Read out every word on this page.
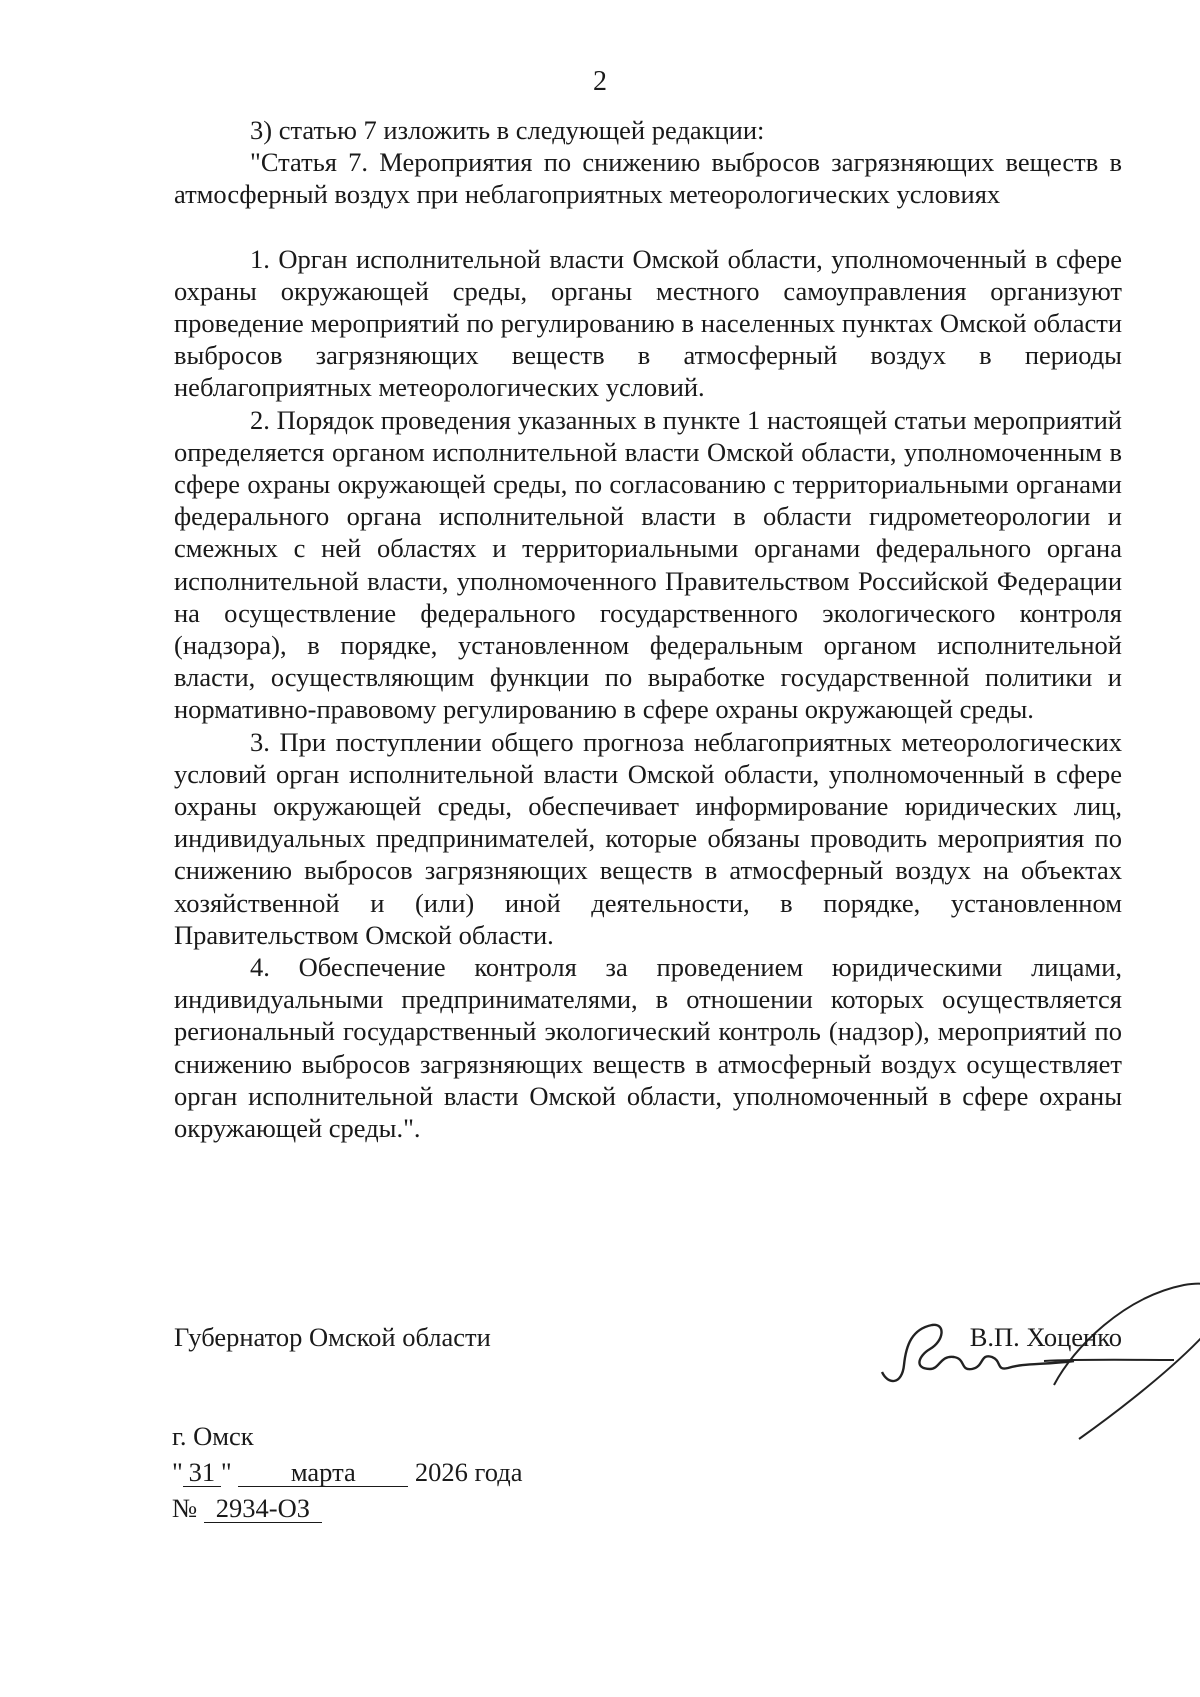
2

3) статью 7 изложить в следующей редакции:

"Статья 7. Мероприятия по снижению выбросов загрязняющих веществ в атмосферный воздух при неблагоприятных метеорологических условиях

1. Орган исполнительной власти Омской области, уполномоченный в сфере охраны окружающей среды, органы местного самоуправления организуют проведение мероприятий по регулированию в населенных пунктах Омской области выбросов загрязняющих веществ в атмосферный воздух в периоды неблагоприятных метеорологических условий.

2. Порядок проведения указанных в пункте 1 настоящей статьи мероприятий определяется органом исполнительной власти Омской области, уполномоченным в сфере охраны окружающей среды, по согласованию с территориальными органами федерального органа исполнительной власти в области гидрометеорологии и смежных с ней областях и территориальными органами федерального органа исполнительной власти, уполномоченного Правительством Российской Федерации на осуществление федерального государственного экологического контроля (надзора), в порядке, установленном федеральным органом исполнительной власти, осуществляющим функции по выработке государственной политики и нормативно-правовому регулированию в сфере охраны окружающей среды.

3. При поступлении общего прогноза неблагоприятных метеорологических условий орган исполнительной власти Омской области, уполномоченный в сфере охраны окружающей среды, обеспечивает информирование юридических лиц, индивидуальных предпринимателей, которые обязаны проводить мероприятия по снижению выбросов загрязняющих веществ в атмосферный воздух на объектах хозяйственной и (или) иной деятельности, в порядке, установленном Правительством Омской области.

4. Обеспечение контроля за проведением юридическими лицами, индивидуальными предпринимателями, в отношении которых осуществляется региональный государственный экологический контроль (надзор), мероприятий по снижению выбросов загрязняющих веществ в атмосферный воздух осуществляет орган исполнительной власти Омской области, уполномоченный в сфере охраны окружающей среды.".

Губернатор Омской области	В.П. Хоценко
г. Омск
" 31 " марта 2026 года
№ 2934-ОЗ
